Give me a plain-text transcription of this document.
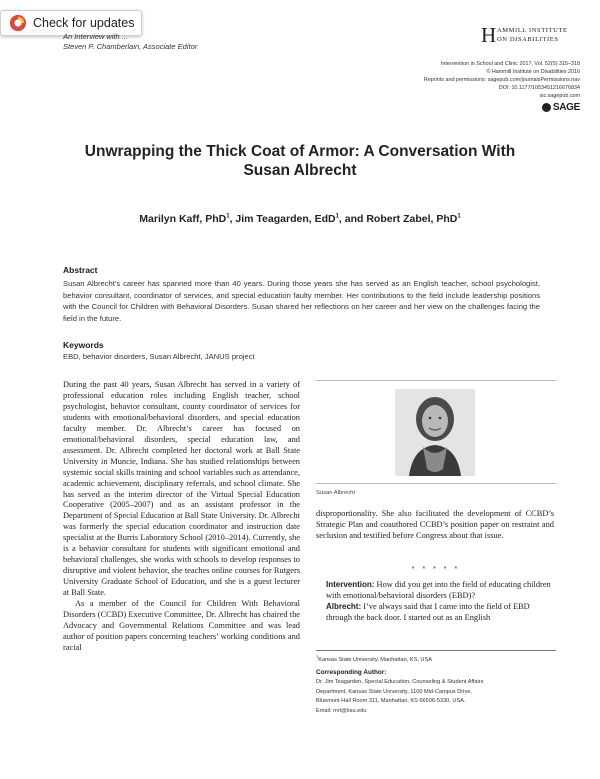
Check for updates
An Interview with ...
Steven P. Chamberlain, Associate Editor	H AMMILL INSTITUTE
ON DISABILITIES
Intervention in School and Clinic 2017, Vol. 52(5) 315–318
© Hammill Institute on Disabilities 2016
Reprints and permissions: sagepub.com/journalsPermissions.nav
DOI: 10.1177/1053451216676834
isc.sagepub.com
SAGE
Unwrapping the Thick Coat of Armor: A Conversation With Susan Albrecht
Marilyn Kaff, PhD$^1$, Jim Teagarden, EdD$^1$, and Robert Zabel, PhD$^1$
Abstract
Susan Albrecht’s career has spanned more than 40 years. During those years she has served as an English teacher, school psychologist, behavior consultant, coordinator of services, and special education faulty member. Her contributions to the field include leadership positions with the Council for Children with Behavioral Disorders. Susan shared her reflections on her career and her view on the challenges facing the field in the future.
Keywords
EBD, behavior disorders, Susan Albrecht, JANUS project

During the past 40 years, Susan Albrecht has served in a variety of professional education roles including English teacher, school psychologist, behavior consultant, county coordinator of services for students with emotional/behavioral disorders, and special education faculty member. Dr. Albrecht’s career has focused on emotional/behavioral disorders, special education law, and assessment. Dr. Albrecht completed her doctoral work at Ball State University in Muncie, Indiana. She has studied relationships between systemic social skills training and school variables such as attendance, academic achievement, disciplinary referrals, and school climate. She has served as the interim director of the Virtual Special Education Cooperative (2005–2007) and as an assistant professor in the Department of Special Education at Ball State University. Dr. Albrecht was formerly the special education coordinator and instruction date specialist at the Burris Laboratory School (2010–2014). Currently, she is a behavior consultant for students with significant emotional and behavioral challenges, she works with schools to develop responses to disruptive and violent behavior, she teaches online courses for Rutgers University Graduate School of Education, and she is a guest lecturer at Ball State.

As a member of the Council for Children With Behavioral Disorders (CCBD) Executive Committee, Dr. Albrecht has chaired the Advocacy and Governmental Relations Committee and was lead author of position papers concerning teachers’ working conditions and racial

Susan Albrecht

disproportionality. She also facilitated the development of CCBD’s Strategic Plan and coauthored CCBD’s position paper on restraint and seclusion and testified before Congress about that issue.

* * * * *
Intervention: How did you get into the field of educating children with emotional/behavioral disorders (EBD)?
Albrecht: I’ve always said that I came into the field of EBD through the back door. I started out as an English
$^1$Kansas State University, Manhattan, KS, USA
Corresponding Author:
Dr. Jim Teagarden, Special Education, Counseling & Student Affairs
Department, Kansas State University, 1100 Mid-Campus Drive,
Bluemont Hall Room 311, Manhattan, KS 66506-5330, USA.
Email: mrt@ksu.edu
